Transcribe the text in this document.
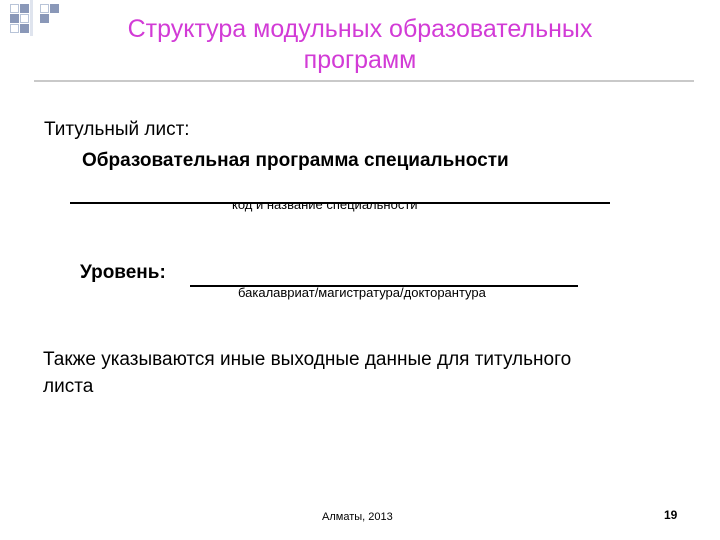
Структура модульных образовательных
программ
Титульный лист:
Образовательная программа специальности
код и название специальности
Уровень:
бакалавриат/магистратура/докторантура
Также указываются иные выходные данные для титульного
листа
Алматы, 2013	19
